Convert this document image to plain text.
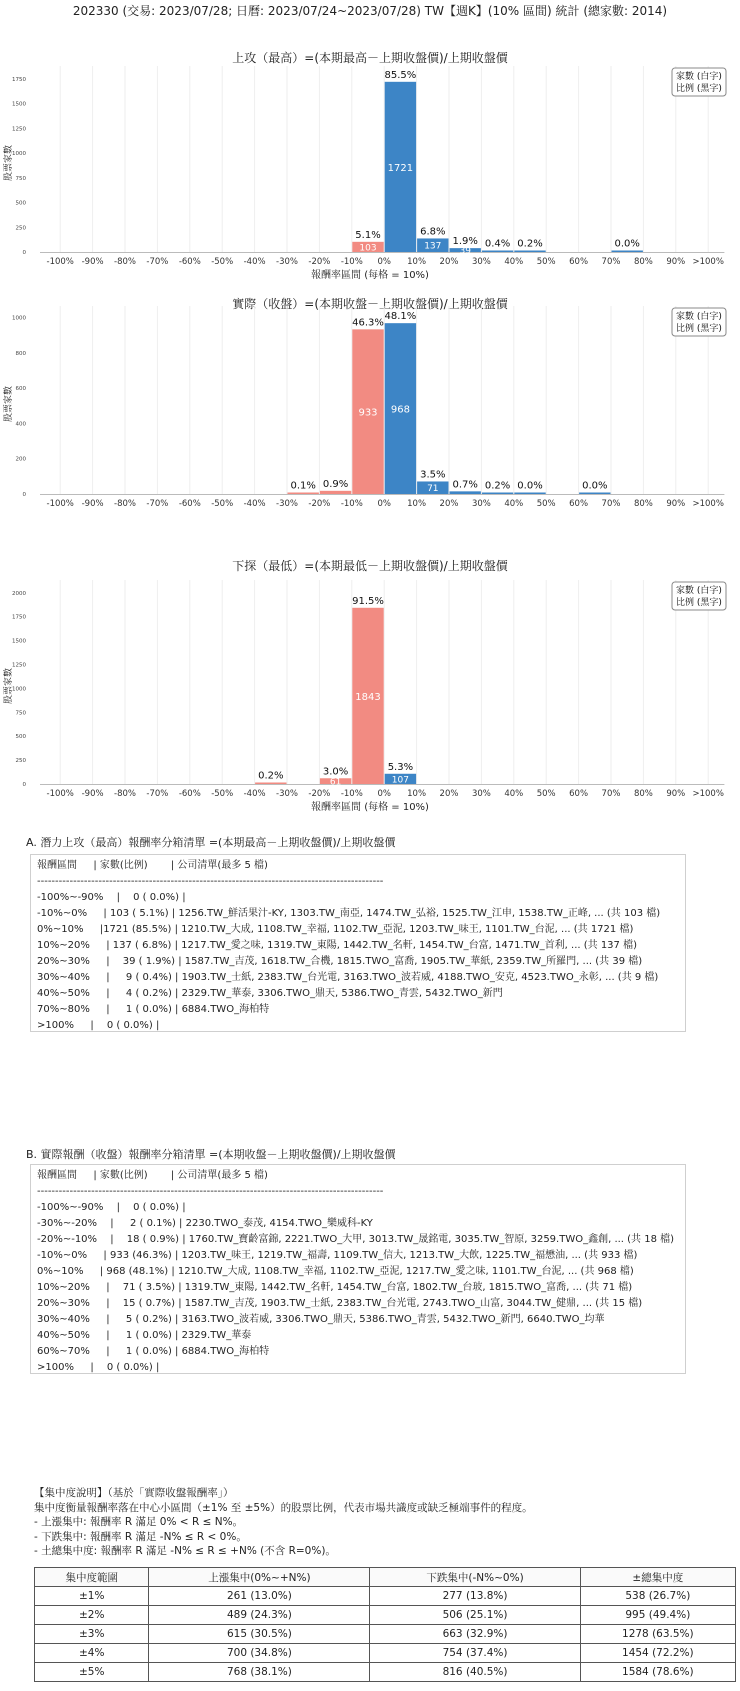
202330 (交易: 2023/07/28; 日曆: 2023/07/24~2023/07/28) TW【週K】(10% 區間) 統計 (總家數: 2014)
上攻（最高）=(本期最高－上期收盤價)/上期收盤價
-100% -90% -80% -70% -60% -50% -40% -30% -20% -10% 0% 10% 20% 30% 40% 50% 60% 70% 80% 90% >100%
0
250
500
750
1000
1250
1500
1750
股票家數
報酬率區間 (每格 = 10%)
家數 (白字)
比例 (黑字)
5.1%
103
85.5%
1721
6.8%
137 1.9%
39
0.4% 0.2%	0.0%
實際（收盤）=(本期收盤－上期收盤價)/上期收盤價
-100% -90% -80% -70% -60% -50% -40% -30% -20% -10% 0% 10% 20% 30% 40% 50% 60% 70% 80% 90% >100%
0
200
400
600
800
1000
股票家數
家數 (白字)
比例 (黑字)
0.1% 0.9%
46.3%
933
48.1%
968
3.5%
71 0.7% 0.2% 0.0%	0.0%
下探（最低）=(本期最低－上期收盤價)/上期收盤價
-100% -90% -80% -70% -60% -50% -40% -30% -20% -10% 0% 10% 20% 30% 40% 50% 60% 70% 80% 90% >100%
0
250
500
750
1000
1250
1500
1750
2000
股票家數
報酬率區間 (每格 = 10%)
家數 (白字)
比例 (黑字)
0.2%	3.0%
61
91.5%
1843
5.3%
107
A. 潛力上攻（最高）報酬率分箱清單 =(本期最高－上期收盤價)/上期收盤價
報酬區間 　 | 家數(比例) 　　| 公司清單(最多 5 檔)
------------------------------------------------------------------------------------------------
-100%~-90% 　| 　0 ( 0.0%) |
-10%~0% 　 | 103 ( 5.1%) | 1256.TW_鮮活果汁-KY, 1303.TW_南亞, 1474.TW_弘裕, 1525.TW_江申, 1538.TW_正峰, ... (共 103 檔)
0%~10% 　 |1721 (85.5%) | 1210.TW_大成, 1108.TW_幸福, 1102.TW_亞泥, 1203.TW_味王, 1101.TW_台泥, ... (共 1721 檔)
10%~20% 　 | 137 ( 6.8%) | 1217.TW_愛之味, 1319.TW_東陽, 1442.TW_名軒, 1454.TW_台富, 1471.TW_首利, ... (共 137 檔)
20%~30% 　 | 　39 ( 1.9%) | 1587.TW_吉茂, 1618.TW_合機, 1815.TWO_富喬, 1905.TW_華紙, 2359.TW_所羅門, ... (共 39 檔)
30%~40% 　 | 　 9 ( 0.4%) | 1903.TW_士紙, 2383.TW_台光電, 3163.TWO_波若威, 4188.TWO_安克, 4523.TWO_永彰, ... (共 9 檔)
40%~50% 　 | 　 4 ( 0.2%) | 2329.TW_華泰, 3306.TWO_鼎天, 5386.TWO_青雲, 5432.TWO_新門
70%~80% 　 | 　 1 ( 0.0%) | 6884.TWO_海柏特
>100% 　 | 　0 ( 0.0%) |
B. 實際報酬（收盤）報酬率分箱清單 =(本期收盤－上期收盤價)/上期收盤價
報酬區間 　 | 家數(比例) 　　| 公司清單(最多 5 檔)
------------------------------------------------------------------------------------------------
-100%~-90% 　| 　0 ( 0.0%) |
-30%~-20% 　| 　 2 ( 0.1%) | 2230.TWO_泰茂, 4154.TWO_樂威科-KY
-20%~-10% 　| 　18 ( 0.9%) | 1760.TW_寶齡富錦, 2221.TWO_大甲, 3013.TW_晟銘電, 3035.TW_智原, 3259.TWO_鑫創, ... (共 18 檔)
-10%~0% 　 | 933 (46.3%) | 1203.TW_味王, 1219.TW_福壽, 1109.TW_信大, 1213.TW_大飲, 1225.TW_福懋油, ... (共 933 檔)
0%~10% 　 | 968 (48.1%) | 1210.TW_大成, 1108.TW_幸福, 1102.TW_亞泥, 1217.TW_愛之味, 1101.TW_台泥, ... (共 968 檔)
10%~20% 　 | 　71 ( 3.5%) | 1319.TW_東陽, 1442.TW_名軒, 1454.TW_台富, 1802.TW_台玻, 1815.TWO_富喬, ... (共 71 檔)
20%~30% 　 | 　15 ( 0.7%) | 1587.TW_吉茂, 1903.TW_士紙, 2383.TW_台光電, 2743.TWO_山富, 3044.TW_健鼎, ... (共 15 檔)
30%~40% 　 | 　 5 ( 0.2%) | 3163.TWO_波若威, 3306.TWO_鼎天, 5386.TWO_青雲, 5432.TWO_新門, 6640.TWO_均華
40%~50% 　 | 　 1 ( 0.0%) | 2329.TW_華泰
60%~70% 　 | 　 1 ( 0.0%) | 6884.TWO_海柏特
>100% 　 | 　0 ( 0.0%) |
【集中度說明】（基於「實際收盤報酬率」）
集中度衡量報酬率落在中心小區間（±1% 至 ±5%）的股票比例，代表市場共識度或缺乏極端事件的程度。
- 上漲集中: 報酬率 R 滿足 0% < R ≤ N%。
- 下跌集中: 報酬率 R 滿足 -N% ≤ R < 0%。
- 土總集中度: 報酬率 R 滿足 -N% ≤ R ≤ +N% (不含 R=0%)。
集中度範圍	上漲集中(0%~+N%)	下跌集中(-N%~0%)	±總集中度
±1%	261 (13.0%)	277 (13.8%)	538 (26.7%)
±2%	489 (24.3%)	506 (25.1%)	995 (49.4%)
±3%	615 (30.5%)	663 (32.9%)	1278 (63.5%)
±4%	700 (34.8%)	754 (37.4%)	1454 (72.2%)
±5%	768 (38.1%)	816 (40.5%)	1584 (78.6%)
